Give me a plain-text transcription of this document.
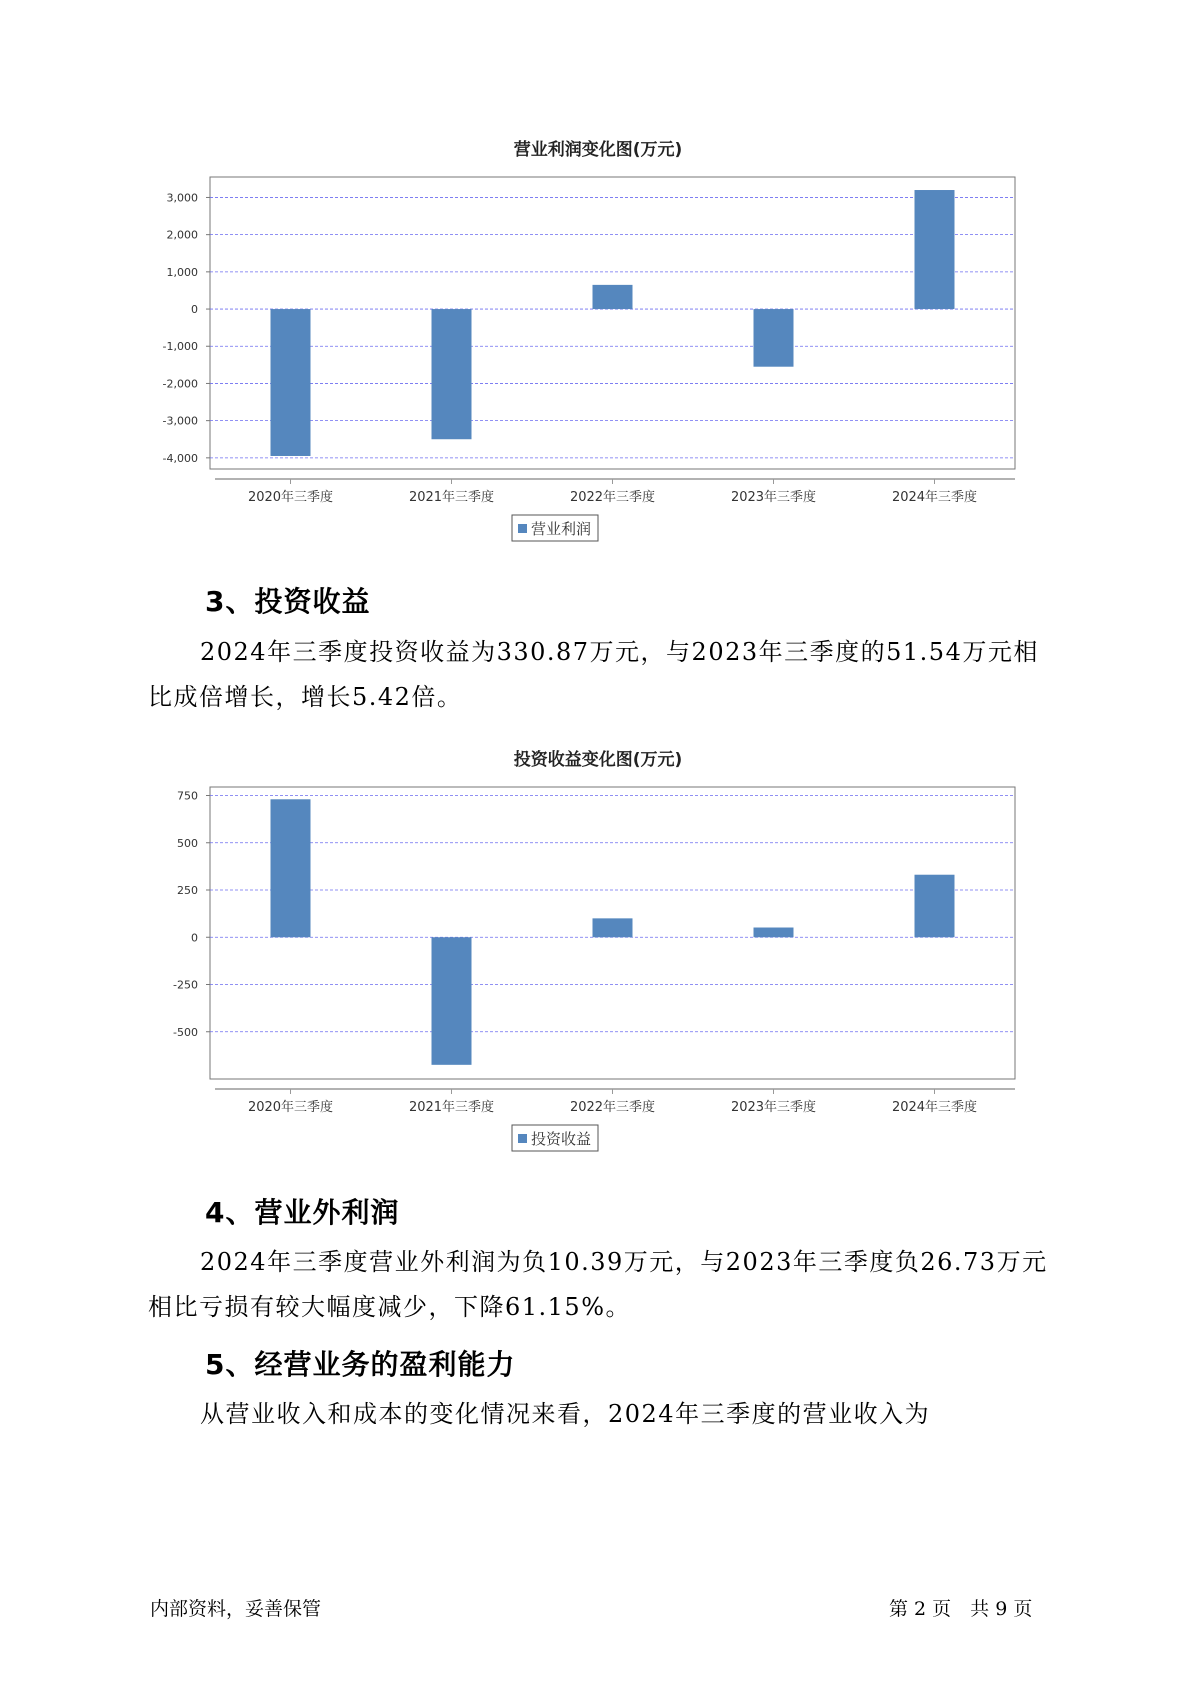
营业利润变化图(万元)
3,000
2,000
1,000
0
-1,000
-2,000
-3,000
-4,000
2020年三季度	2021年三季度	2022年三季度	2023年三季度	2024年三季度
营业利润
3、投资收益

2024年三季度投资收益为330.87万元，与2023年三季度的51.54万元相比成倍增长，增长5.42倍。

投资收益变化图(万元)
750
500
250
0
-250
-500
2020年三季度	2021年三季度	2022年三季度	2023年三季度	2024年三季度
投资收益
4、营业外利润

2024年三季度营业外利润为负10.39万元，与2023年三季度负26.73万元相比亏损有较大幅度减少，下降61.15%。

5、经营业务的盈利能力

从营业收入和成本的变化情况来看，2024年三季度的营业收入为

内部资料，妥善保管	第 2 页　共 9 页
